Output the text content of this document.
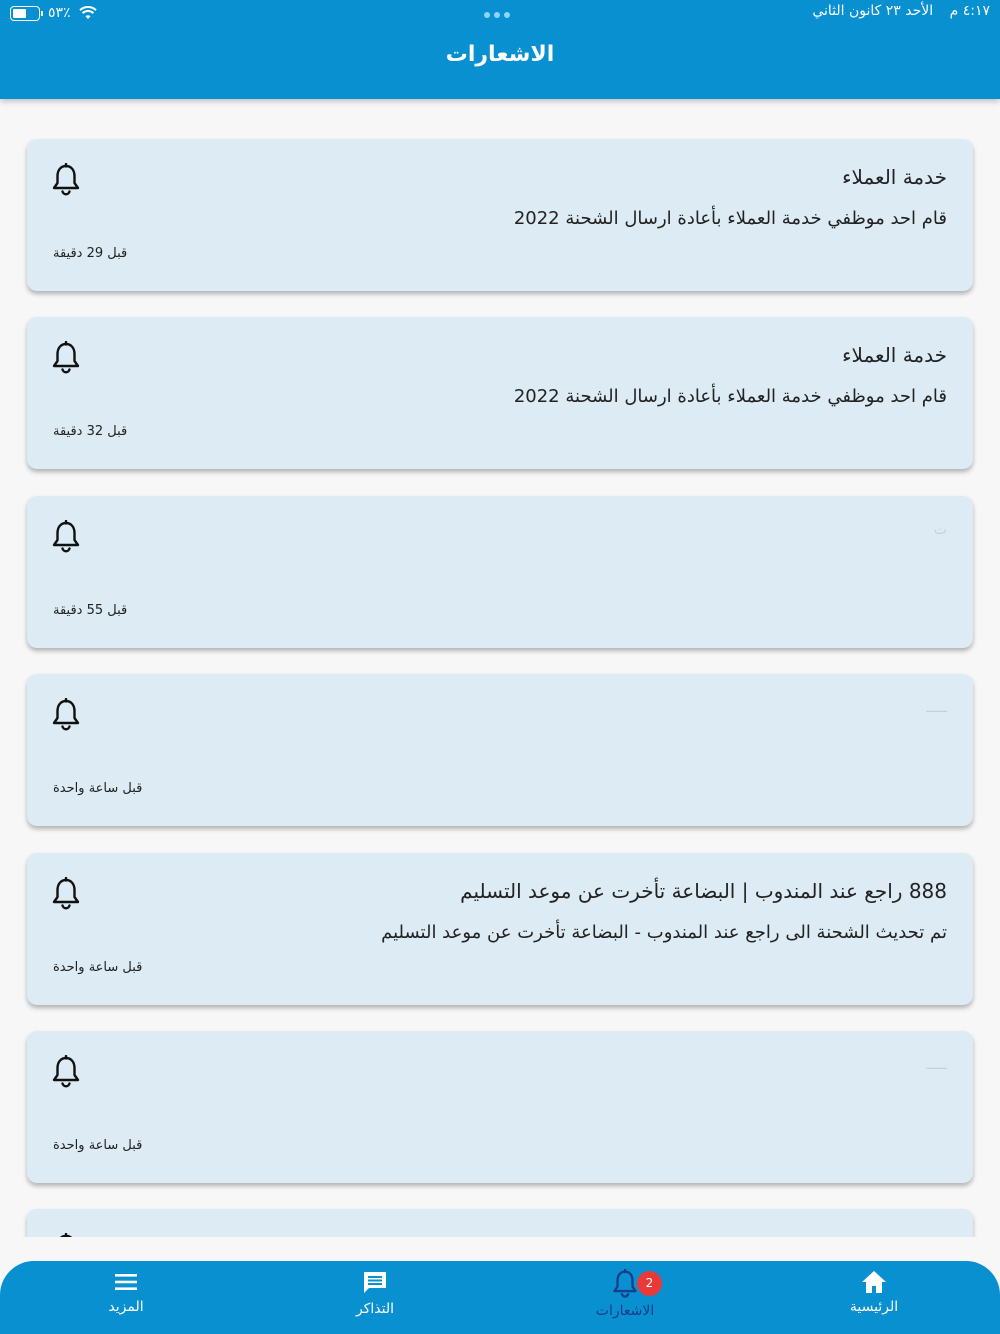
٥٣٪	٤:١٧ م الأحد ٢٣ كانون الثاني
الاشعارات
خدمة العملاء
قام احد موظفي خدمة العملاء بأعادة ارسال الشحنة 2022
قبل 29 دقيقة
خدمة العملاء
قام احد موظفي خدمة العملاء بأعادة ارسال الشحنة 2022
قبل 32 دقيقة
ت
قبل 55 دقيقة
ـــــ
قبل ساعة واحدة
888 راجع عند المندوب | البضاعة تأخرت عن موعد التسليم
تم تحديث الشحنة الى راجع عند المندوب - البضاعة تأخرت عن موعد التسليم
قبل ساعة واحدة
ـــــ
قبل ساعة واحدة
الرئيسية
الاشعارات
2
التذاكر
المزيد
